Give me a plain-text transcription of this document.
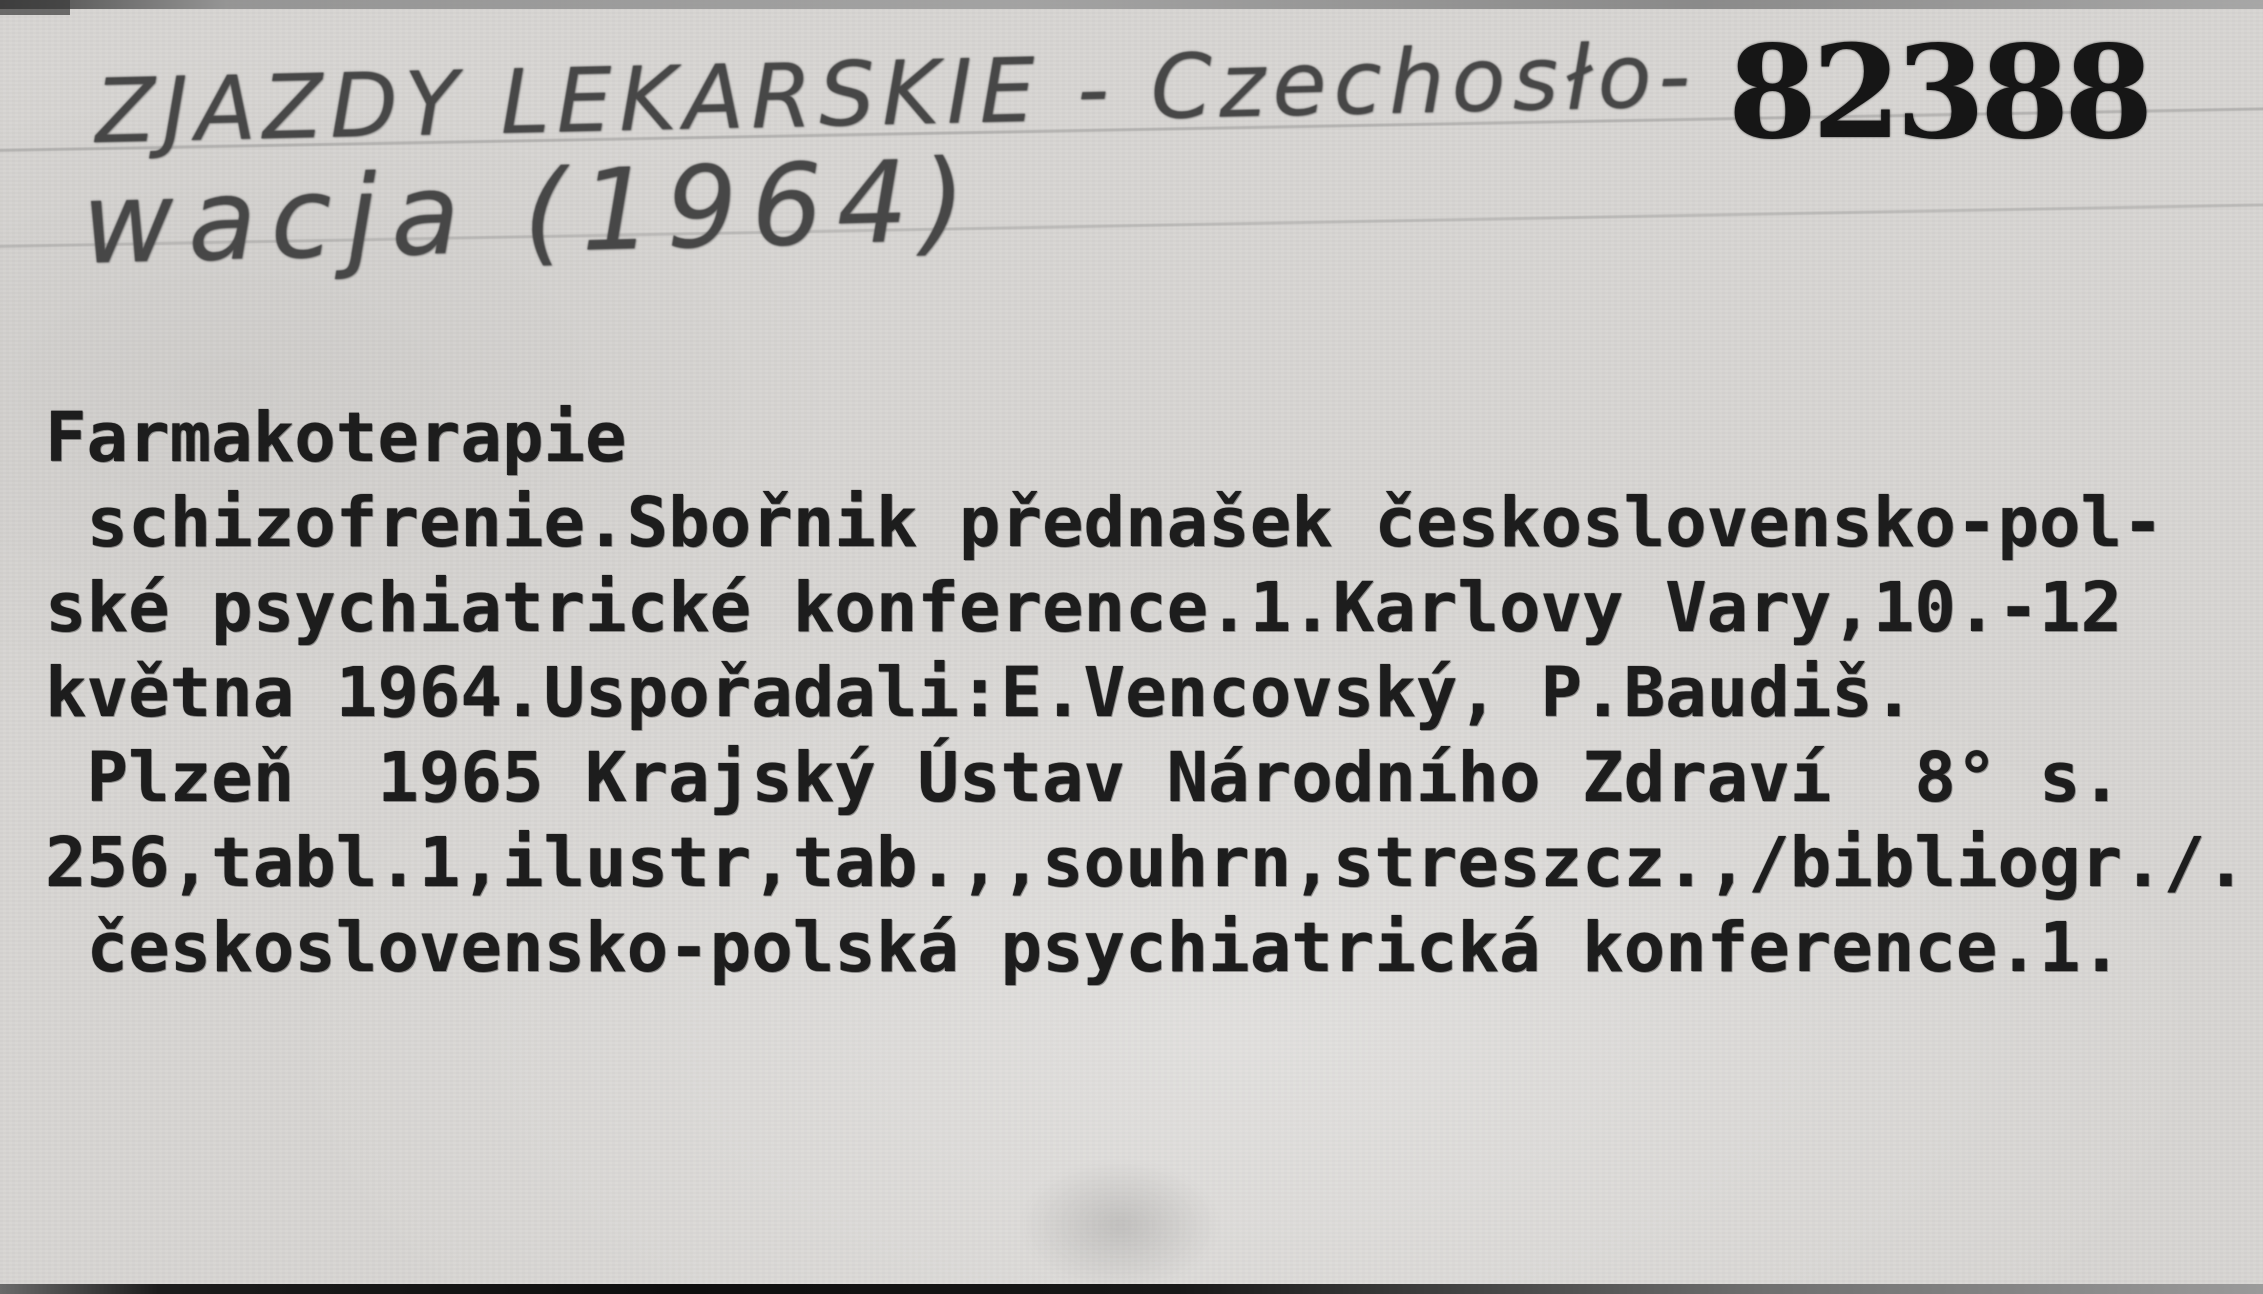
ZJAZDY LEKARSKIE - Czechosło- 82388
wacja (1964)
Farmakoterapie
schizofrenie.Sbořnik přednašek československo-pol-
ské psychiatrické konference.1.Karlovy Vary,10.-12
května 1964.Uspořadali:E.Vencovský, P.Baudiš.
Plzeň  1965 Krajský Ústav Národního Zdraví  8° s.
256,tabl.1,ilustr,tab.,,souhrn,streszcz.,/bibliogr./.
československo-polská psychiatrická konference.1.
